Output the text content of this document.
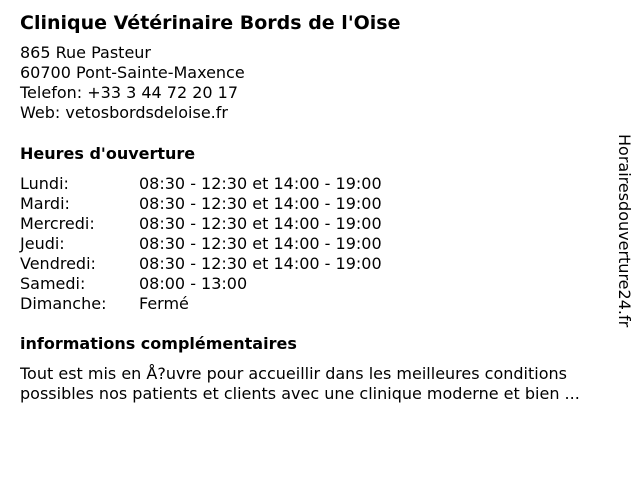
Clinique Vétérinaire Bords de l'Oise
865 Rue Pasteur
60700 Pont-Sainte-Maxence
Telefon: +33 3 44 72 20 17
Web: vetosbordsdeloise.fr
Heures d'ouverture
Lundi:	08:30 - 12:30 et 14:00 - 19:00
Mardi:	08:30 - 12:30 et 14:00 - 19:00
Mercredi:	08:30 - 12:30 et 14:00 - 19:00
Jeudi:	08:30 - 12:30 et 14:00 - 19:00
Vendredi:	08:30 - 12:30 et 14:00 - 19:00
Samedi:	08:00 - 13:00
Dimanche:	Fermé
informations complémentaires
Tout est mis en Å?uvre pour accueillir dans les meilleures conditions
possibles nos patients et clients avec une clinique moderne et bien ...
Horairesdouverture24.fr
